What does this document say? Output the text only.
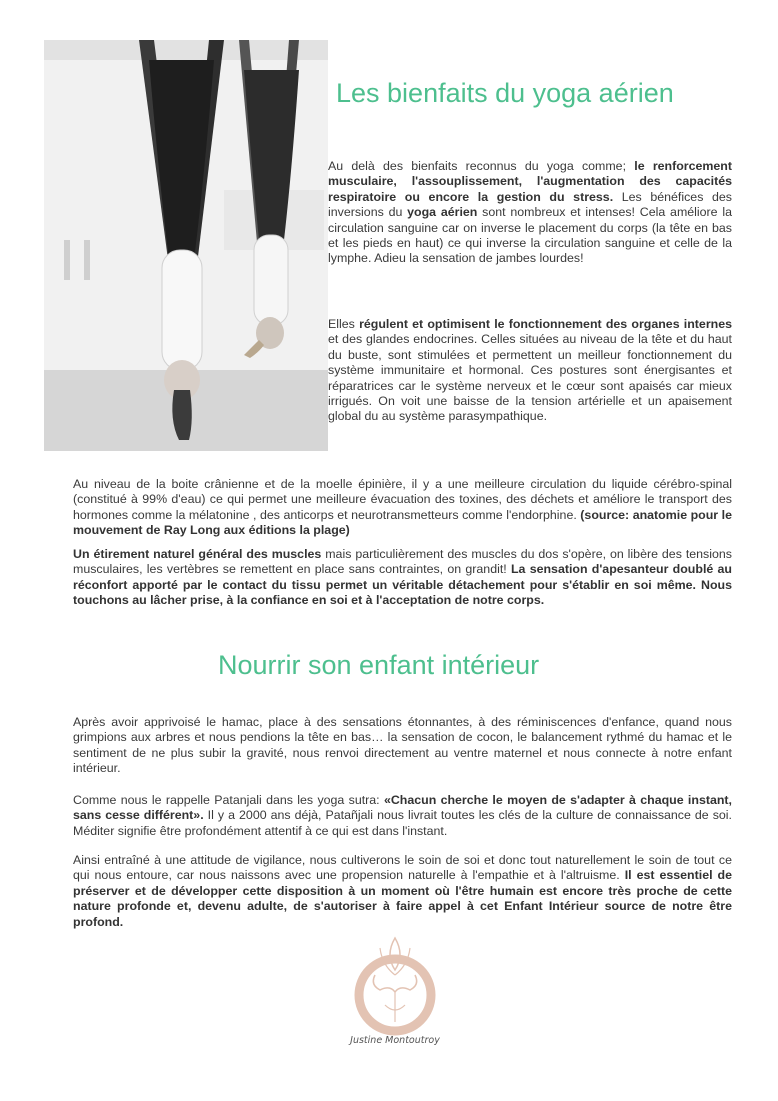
Les bienfaits du yoga aérien

Au delà des bienfaits reconnus du yoga comme; le renforcement musculaire, l'assouplissement, l'augmentation des capacités respiratoire ou encore la gestion du stress. Les bénéfices des inversions du yoga aérien sont nombreux et intenses! Cela améliore la circulation sanguine car on inverse le placement du corps (la tête en bas et les pieds en haut) ce qui inverse la circulation sanguine et celle de la lymphe. Adieu la sensation de jambes lourdes!

Elles régulent et optimisent le fonctionnement des organes internes et des glandes endocrines. Celles situées au niveau de la tête et du haut du buste, sont stimulées et permettent un meilleur fonctionnement du système immunitaire et hormonal. Ces postures sont énergisantes et réparatrices car le système nerveux et le cœur sont apaisés car mieux irrigués. On voit une baisse de la tension artérielle et un apaisement global du au système parasympathique.

Au niveau de la boite crânienne et de la moelle épinière, il y a une meilleure circulation du liquide cérébro-spinal (constitué à 99% d'eau) ce qui permet une meilleure évacuation des toxines, des déchets et améliore le transport des hormones comme la mélatonine , des anticorps et neurotransmetteurs comme l'endorphine. (source: anatomie pour le mouvement de Ray Long aux éditions la plage)

Un étirement naturel général des muscles mais particulièrement des muscles du dos s'opère, on libère des tensions musculaires, les vertèbres se remettent en place sans contraintes, on grandit! La sensation d'apesanteur doublé au réconfort apporté par le contact du tissu permet un véritable détachement pour s'établir en soi même. Nous touchons au lâcher prise, à la confiance en soi et à l'acceptation de notre corps.

Nourrir son enfant intérieur

Après avoir apprivoisé le hamac, place à des sensations étonnantes, à des réminiscences d'enfance, quand nous grimpions aux arbres et nous pendions la tête en bas… la sensation de cocon, le balancement rythmé du hamac et le sentiment de ne plus subir la gravité, nous renvoi directement au ventre maternel et nous connecte à notre enfant intérieur.

Comme nous le rappelle Patanjali dans les yoga sutra: «Chacun cherche le moyen de s'adapter à chaque instant, sans cesse différent». Il y a 2000 ans déjà, Patañjali nous livrait toutes les clés de la culture de connaissance de soi. Méditer signifie être profondément attentif à ce qui est dans l'instant.

Ainsi entraîné à une attitude de vigilance, nous cultiverons le soin de soi et donc tout naturellement le soin de tout ce qui nous entoure, car nous naissons avec une propension naturelle à l'empathie et à l'altruisme. Il est essentiel de préserver et de développer cette disposition à un moment où l'être humain est encore très proche de cette nature profonde et, devenu adulte, de s'autoriser à faire appel à cet Enfant Intérieur source de notre être profond.

Justine Montoutroy
